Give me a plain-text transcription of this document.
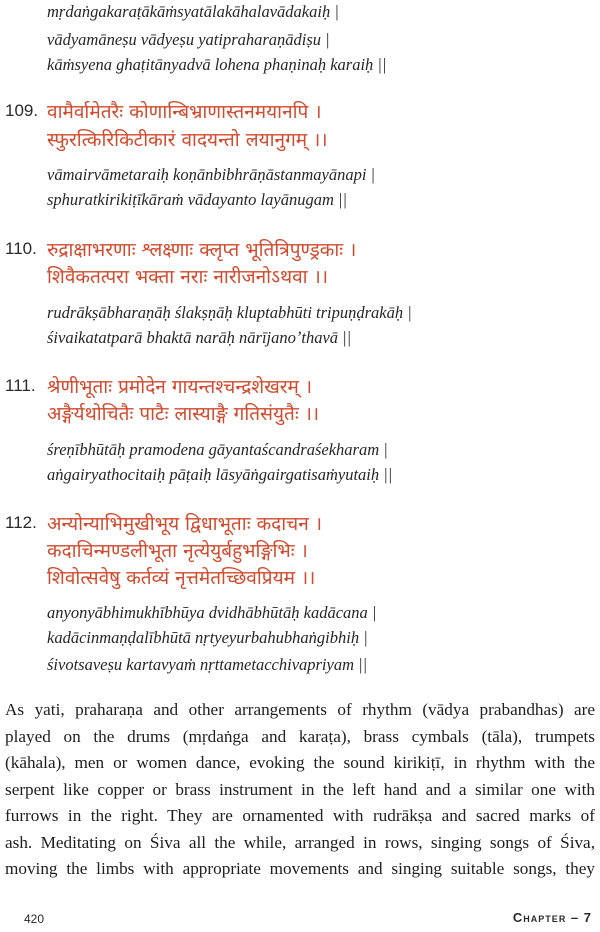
mṛdaṅgakaraṭākāṁsyatālakāhalavādakaiḥ |
vādyamāneṣu vādyeṣu yatipraharaṇādiṣu |
kāṁsyena ghaṭitānyadvā lohena phaṇinaḥ karaiḥ ||
109. वामैर्वामेतरैः कोणान्बिभ्राणास्तनमयानपि ।
स्फुरत्किरिकिटीकारं वादयन्तो लयानुगम् ।।
vāmairvāmetaraiḥ koṇānbibhrāṇāstanmayānapi |
sphuratkirikiṭīkāraṁ vādayanto layānugam ||
110. रुद्राक्षाभरणाः श्लक्ष्णाः क्लृप्त भूतित्रिपुण्ड्रकाः ।
शिवैकतत्परा भक्ता नराः नारीजनोऽथवा ।।
rudrākṣābharaṇāḥ ślakṣṇāḥ kluptabhūti tripuṇḍrakāḥ |
śivaikatatparā bhaktā narāḥ nārījanoʼthavā ||
111. श्रेणीभूताः प्रमोदेन गायन्तश्चन्द्रशेखरम् ।
अङ्गैर्यथोचितैः पाटैः लास्याङ्गै गतिसंयुतैः ।।
śreṇībhūtāḥ pramodena gāyantaścandraśekharam |
aṅgairyathocitaiḥ pāṭaiḥ lāsyāṅgairgatisaṁyutaiḥ ||
112. अन्योन्याभिमुखीभूय द्विधाभूताः कदाचन ।
कदाचिन्मण्डलीभूता नृत्येयुर्बहुभङ्गिभिः ।
शिवोत्सवेषु कर्तव्यं नृत्तमेतच्छिवप्रियम ।।
anyonyābhimukhībhūya dvidhābhūtāḥ kadācana |
kadācinmaṇḍalībhūtā nṛtyeyurbahubhaṅgibhiḥ |
śivotsaveṣu kartavyaṁ nṛttametacchivapriyam ||
As yati, praharaṇa and other arrangements of rhythm (vādya prabandhas) are
played on the drums (mṛdaṅga and karaṭa), brass cymbals (tāla), trumpets
(kāhala), men or women dance, evoking the sound kirikiṭī, in rhythm with the
serpent like copper or brass instrument in the left hand and a similar one with
furrows in the right. They are ornamented with rudrākṣa and sacred marks of
ash. Meditating on Śiva all the while, arranged in rows, singing songs of Śiva,
moving the limbs with appropriate movements and singing suitable songs, they
420	Chapter – 7
